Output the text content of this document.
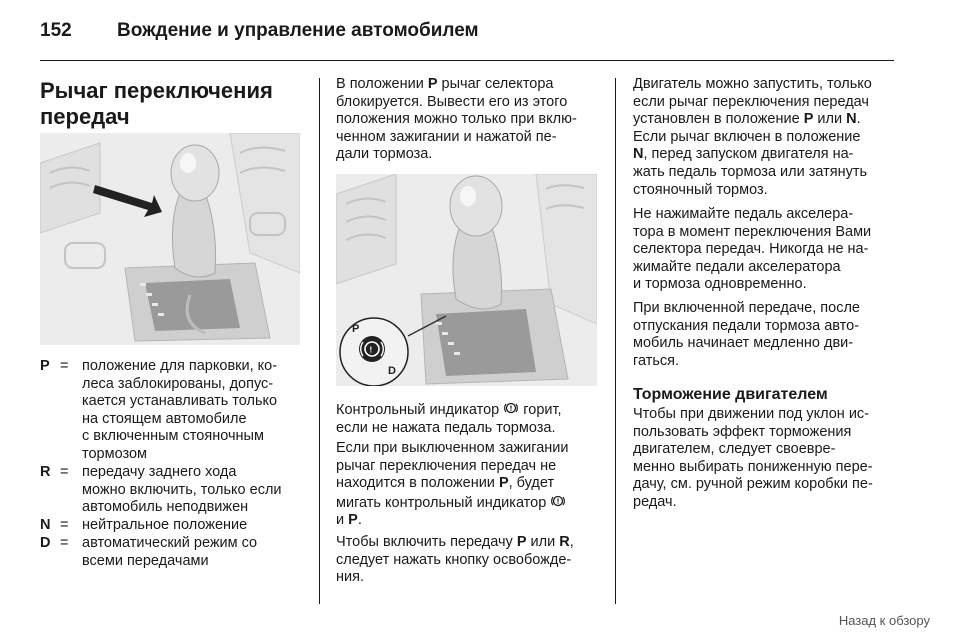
152 Вождение и управление автомобилем
Рычаг переключения
передач
P = положение для парковки, ко-
леса заблокированы, допус-
кается устанавливать только
на стоящем автомобиле
с включенным стояночным
тормозом
R = передачу заднего хода
можно включить, только если
автомобиль неподвижен
N = нейтральное положение
D = автоматический режим со
всеми передачами
В положении P рычаг селектора
блокируется. Вывести его из этого
положения можно только при вклю-
ченном зажигании и нажатой пе-
дали тормоза.
P
D
!
Контрольный индикатор  горит,
если не нажата педаль тормоза.
Если при выключенном зажигании
рычаг переключения передач не
находится в положении P, будет
мигать контрольный индикатор
и P.
Чтобы включить передачу P или R,
следует нажать кнопку освобожде-
ния.
Двигатель можно запустить, только
если рычаг переключения передач
установлен в положение P или N.
Если рычаг включен в положение
N, перед запуском двигателя на-
жать педаль тормоза или затянуть
стояночный тормоз.
Не нажимайте педаль акселера-
тора в момент переключения Вами
селектора передач. Никогда не на-
жимайте педали акселератора
и тормоза одновременно.
При включенной передаче, после
отпускания педали тормоза авто-
мобиль начинает медленно дви-
гаться.
Торможение двигателем
Чтобы при движении под уклон ис-
пользовать эффект торможения
двигателем, следует своевре-
менно выбирать пониженную пере-
дачу, см. ручной режим коробки пе-
редач.
Назад к обзору
